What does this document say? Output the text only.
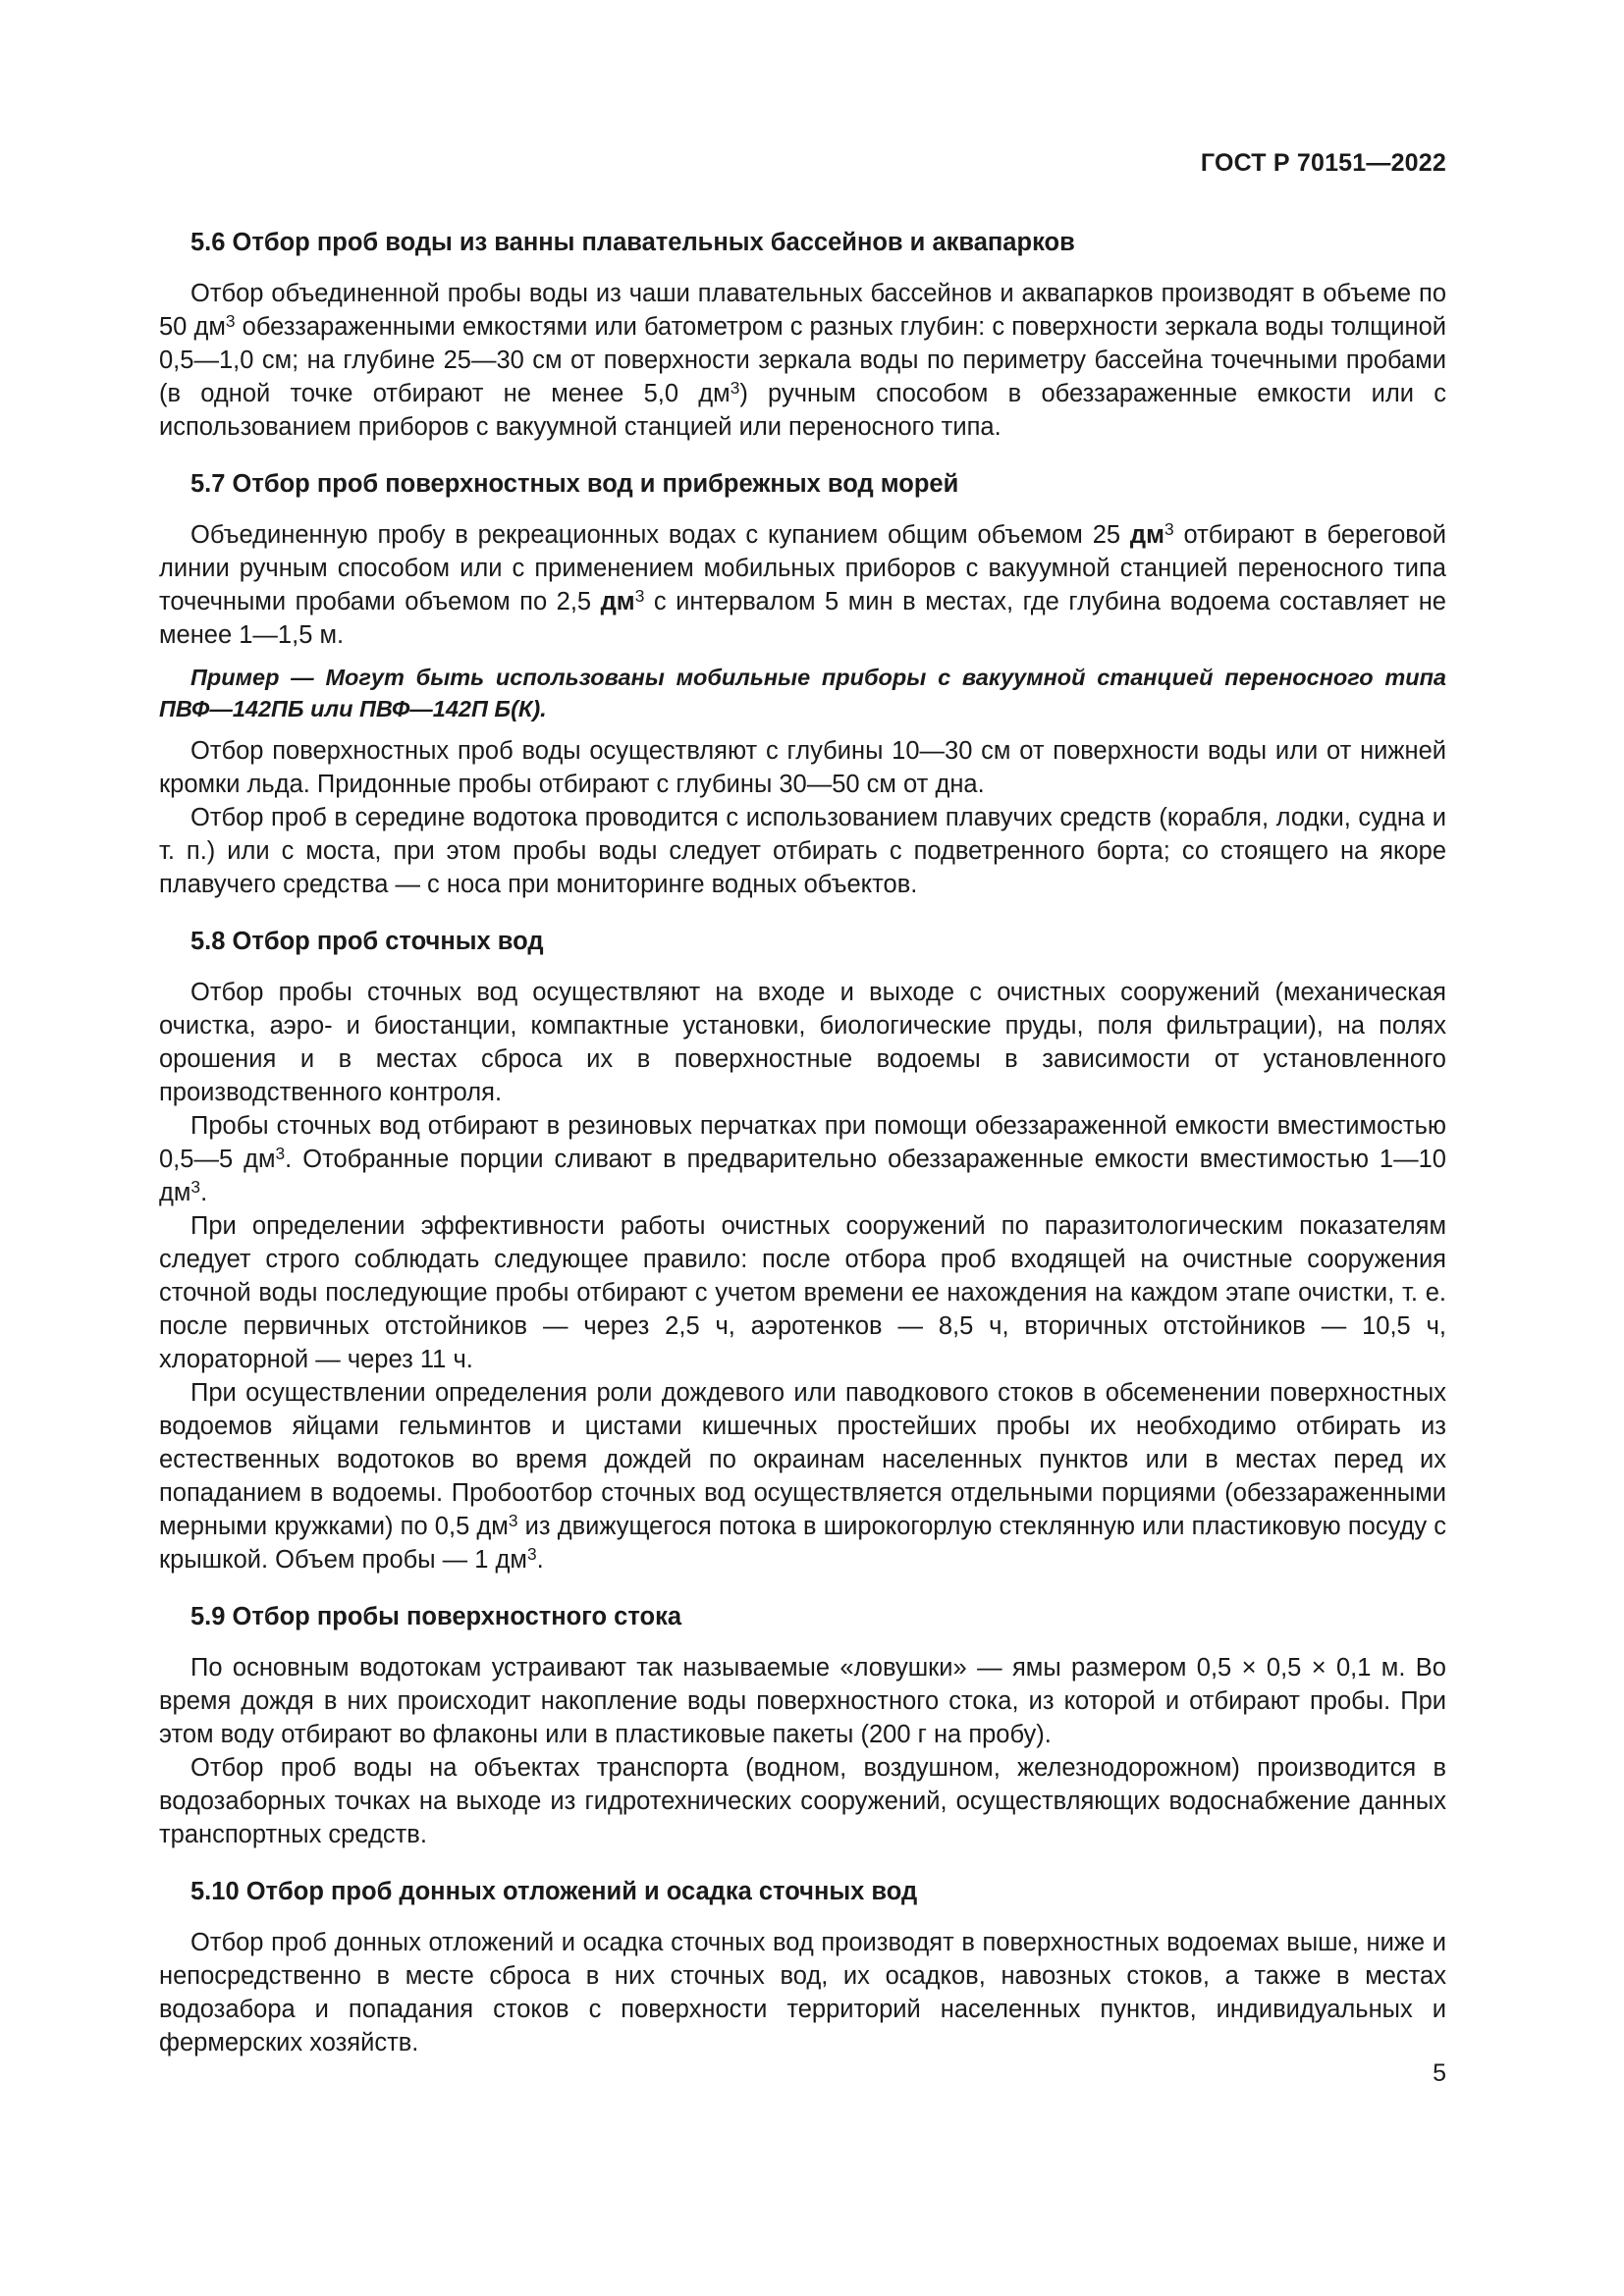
ГОСТ Р 70151—2022
5.6 Отбор проб воды из ванны плавательных бассейнов и аквапарков

Отбор объединенной пробы воды из чаши плавательных бассейнов и аквапарков производят в объеме по 50 $дм^3$ обеззараженными емкостями или батометром с разных глубин: с поверхности зеркала воды толщиной 0,5—1,0 см; на глубине 25—30 см от поверхности зеркала воды по периметру бассейна точечными пробами (в одной точке отбирают не менее 5,0 $дм^3$) ручным способом в обеззараженные емкости или с использованием приборов с вакуумной станцией или переносного типа.

5.7 Отбор проб поверхностных вод и прибрежных вод морей

Объединенную пробу в рекреационных водах с купанием общим объемом 25 $дм^3$ отбирают в береговой линии ручным способом или с применением мобильных приборов с вакуумной станцией переносного типа точечными пробами объемом по 2,5 $дм^3$ с интервалом 5 мин в местах, где глубина водоема составляет не менее 1—1,5 м.

Пример — Могут быть использованы мобильные приборы с вакуумной станцией переносного типа ПВФ—142ПБ или ПВФ—142П Б(К).

Отбор поверхностных проб воды осуществляют с глубины 10—30 см от поверхности воды или от нижней кромки льда. Придонные пробы отбирают с глубины 30—50 см от дна.

Отбор проб в середине водотока проводится с использованием плавучих средств (корабля, лодки, судна и т. п.) или с моста, при этом пробы воды следует отбирать с подветренного борта; со стоящего на якоре плавучего средства — с носа при мониторинге водных объектов.

5.8 Отбор проб сточных вод

Отбор пробы сточных вод осуществляют на входе и выходе с очистных сооружений (механическая очистка, аэро- и биостанции, компактные установки, биологические пруды, поля фильтрации), на полях орошения и в местах сброса их в поверхностные водоемы в зависимости от установленного производственного контроля.

Пробы сточных вод отбирают в резиновых перчатках при помощи обеззараженной емкости вместимостью 0,5—5 $дм^3$. Отобранные порции сливают в предварительно обеззараженные емкости вместимостью 1—10 $дм^3$.

При определении эффективности работы очистных сооружений по паразитологическим показателям следует строго соблюдать следующее правило: после отбора проб входящей на очистные сооружения сточной воды последующие пробы отбирают с учетом времени ее нахождения на каждом этапе очистки, т. е. после первичных отстойников — через 2,5 ч, аэротенков — 8,5 ч, вторичных отстойников — 10,5 ч, хлораторной — через 11 ч.

При осуществлении определения роли дождевого или паводкового стоков в обсеменении поверхностных водоемов яйцами гельминтов и цистами кишечных простейших пробы их необходимо отбирать из естественных водотоков во время дождей по окраинам населенных пунктов или в местах перед их попаданием в водоемы. Пробоотбор сточных вод осуществляется отдельными порциями (обеззараженными мерными кружками) по 0,5 $дм^3$ из движущегося потока в широкогорлую стеклянную или пластиковую посуду с крышкой. Объем пробы — 1 $дм^3$.

5.9 Отбор пробы поверхностного стока

По основным водотокам устраивают так называемые «ловушки» — ямы размером 0,5 × 0,5 × 0,1 м. Во время дождя в них происходит накопление воды поверхностного стока, из которой и отбирают пробы. При этом воду отбирают во флаконы или в пластиковые пакеты (200 г на пробу).

Отбор проб воды на объектах транспорта (водном, воздушном, железнодорожном) производится в водозаборных точках на выходе из гидротехнических сооружений, осуществляющих водоснабжение данных транспортных средств.

5.10 Отбор проб донных отложений и осадка сточных вод

Отбор проб донных отложений и осадка сточных вод производят в поверхностных водоемах выше, ниже и непосредственно в месте сброса в них сточных вод, их осадков, навозных стоков, а также в местах водозабора и попадания стоков с поверхности территорий населенных пунктов, индивидуальных и фермерских хозяйств.

5
